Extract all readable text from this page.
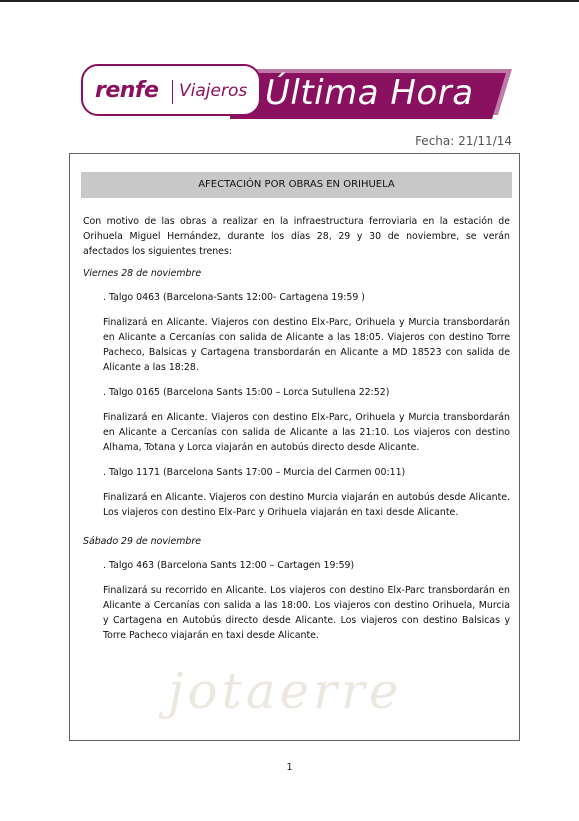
renfe Viajeros Última Hora
Fecha: 21/11/14
AFECTACIÓN POR OBRAS EN ORIHUELA

Con motivo de las obras a realizar en la infraestructura ferroviaria en la estación de Orihuela Miguel Hernández, durante los días 28, 29 y 30 de noviembre, se verán afectados los siguientes trenes:

Viernes 28 de noviembre

. Talgo 0463 (Barcelona-Sants 12:00- Cartagena 19:59 )

Finalizará en Alicante. Viajeros con destino Elx-Parc, Orihuela y Murcia transbordarán en Alicante a Cercanías con salida de Alicante a las 18:05. Viajeros con destino Torre Pacheco, Balsicas y Cartagena transbordarán en Alicante a MD 18523 con salida de Alicante a las 18:28.

. Talgo 0165 (Barcelona Sants 15:00 – Lorca Sutullena 22:52)

Finalizará en Alicante. Viajeros con destino Elx-Parc, Orihuela y Murcia transbordarán en Alicante a Cercanías con salida de Alicante a las 21:10. Los viajeros con destino Alhama, Totana y Lorca viajarán en autobús directo desde Alicante.

. Talgo 1171 (Barcelona Sants 17:00 – Murcia del Carmen 00:11)

Finalizará en Alicante. Viajeros con destino Murcia viajarán en autobús desde Alicante. Los viajeros con destino Elx-Parc y Orihuela viajarán en taxi desde Alicante.

Sábado 29 de noviembre

. Talgo 463 (Barcelona Sants 12:00 – Cartagen 19:59)

Finalizará su recorrido en Alicante. Los viajeros con destino Elx-Parc transbordarán en Alicante a Cercanías con salida a las 18:00. Los viajeros con destino Orihuela, Murcia y Cartagena en Autobús directo desde Alicante. Los viajeros con destino Balsicas y Torre Pacheco viajarán en taxi desde Alicante.

jotaerre
1
